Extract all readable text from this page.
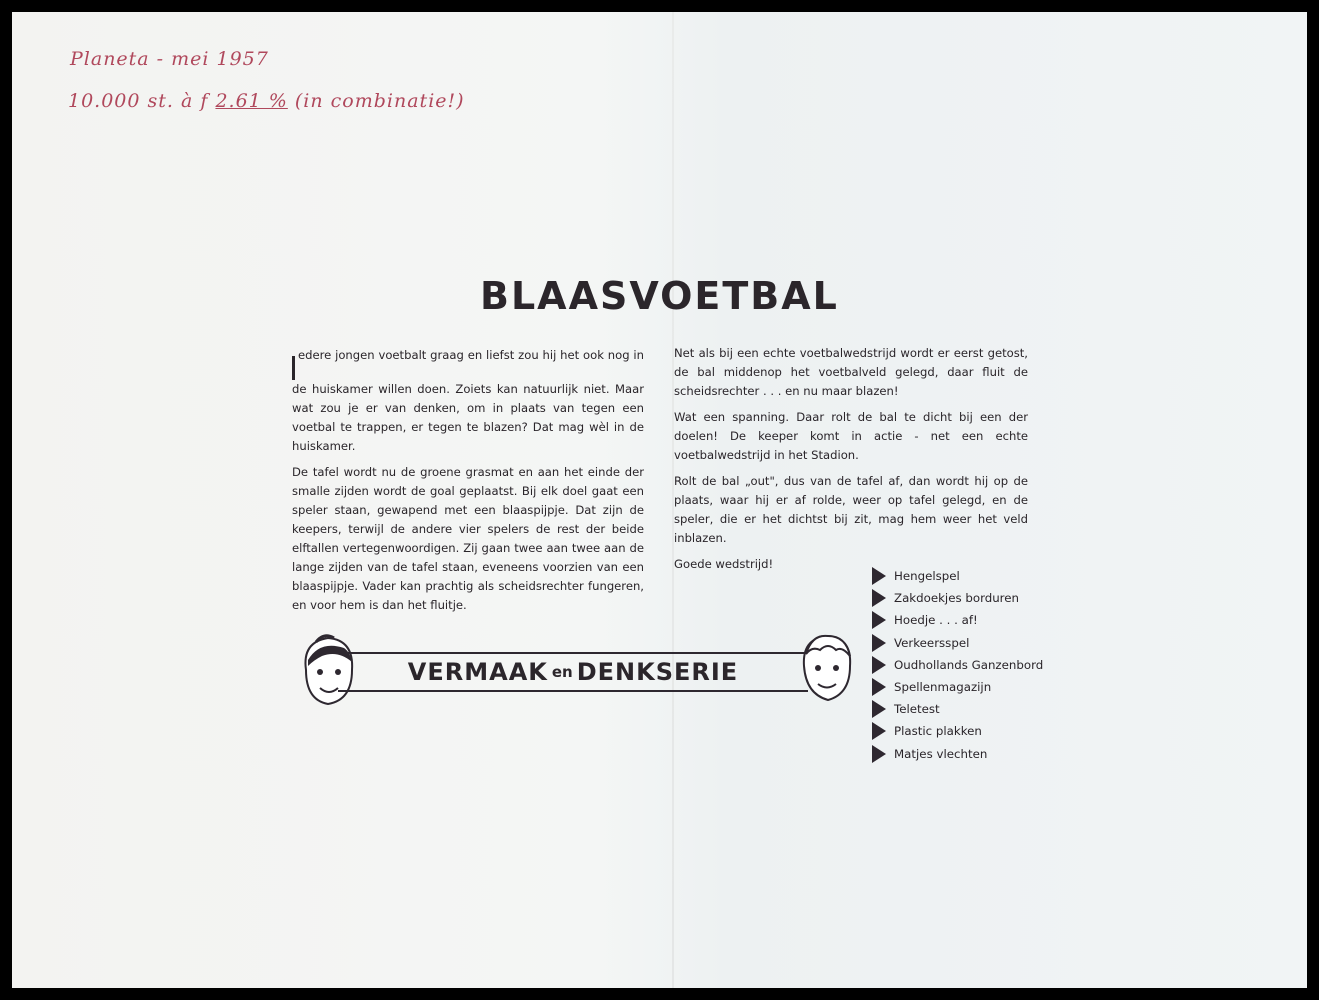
Planeta - mei 1957
10.000 st. à f 2.61 % (in combinatie!)
BLAASVOETBAL

edere jongen voetbalt graag en liefst zou hij het ook nog in de huiskamer willen doen. Zoiets kan natuurlijk niet. Maar wat zou je er van denken, om in plaats van tegen een voetbal te trappen, er tegen te blazen? Dat mag wèl in de huiskamer.

De tafel wordt nu de groene grasmat en aan het einde der smalle zijden wordt de goal geplaatst. Bij elk doel gaat een speler staan, gewapend met een blaaspijpje. Dat zijn de keepers, terwijl de andere vier spelers de rest der beide elftallen vertegenwoordigen. Zij gaan twee aan twee aan de lange zijden van de tafel staan, eveneens voorzien van een blaaspijpje. Vader kan prachtig als scheidsrechter fungeren, en voor hem is dan het fluitje.

Net als bij een echte voetbalwedstrijd wordt er eerst getost, de bal middenop het voetbalveld gelegd, daar fluit de scheidsrechter . . . en nu maar blazen!

Wat een spanning. Daar rolt de bal te dicht bij een der doelen! De keeper komt in actie - net een echte voetbalwedstrijd in het Stadion.

Rolt de bal „out", dus van de tafel af, dan wordt hij op de plaats, waar hij er af rolde, weer op tafel gelegd, en de speler, die er het dichtst bij zit, mag hem weer het veld inblazen.

Goede wedstrijd!

VERMAAK en DENKSERIE
Hengelspel
Zakdoekjes borduren
Hoedje . . . af!
Verkeersspel
Oudhollands Ganzenbord
Spellenmagazijn
Teletest
Plastic plakken
Matjes vlechten
